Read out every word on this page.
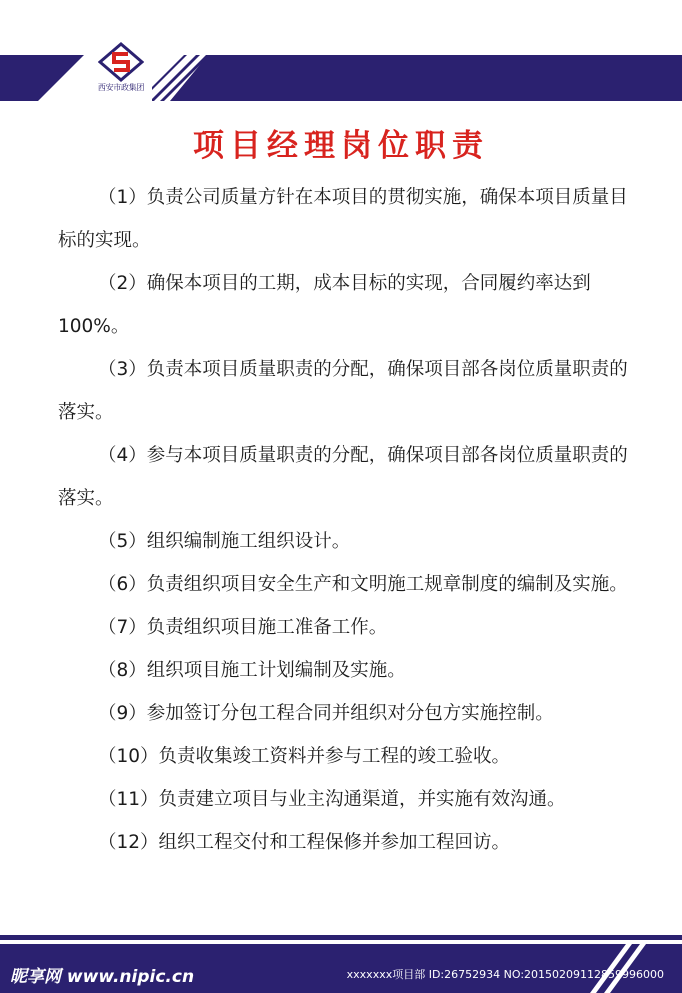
西安市政集团
项目经理岗位职责

（1）负责公司质量方针在本项目的贯彻实施，确保本项目质量目标的实现。

（2）确保本项目的工期，成本目标的实现，合同履约率达到100%。

（3）负责本项目质量职责的分配，确保项目部各岗位质量职责的落实。

（4）参与本项目质量职责的分配，确保项目部各岗位质量职责的落实。

（5）组织编制施工组织设计。

（6）负责组织项目安全生产和文明施工规章制度的编制及实施。

（7）负责组织项目施工准备工作。

（8）组织项目施工计划编制及实施。

（9）参加签订分包工程合同并组织对分包方实施控制。

（10）负责收集竣工资料并参与工程的竣工验收。

（11）负责建立项目与业主沟通渠道，并实施有效沟通。

（12）组织工程交付和工程保修并参加工程回访。

昵享网 www.nipic.cn	xxxxxxx项目部 ID:26752934 NO:20150209112859996000
